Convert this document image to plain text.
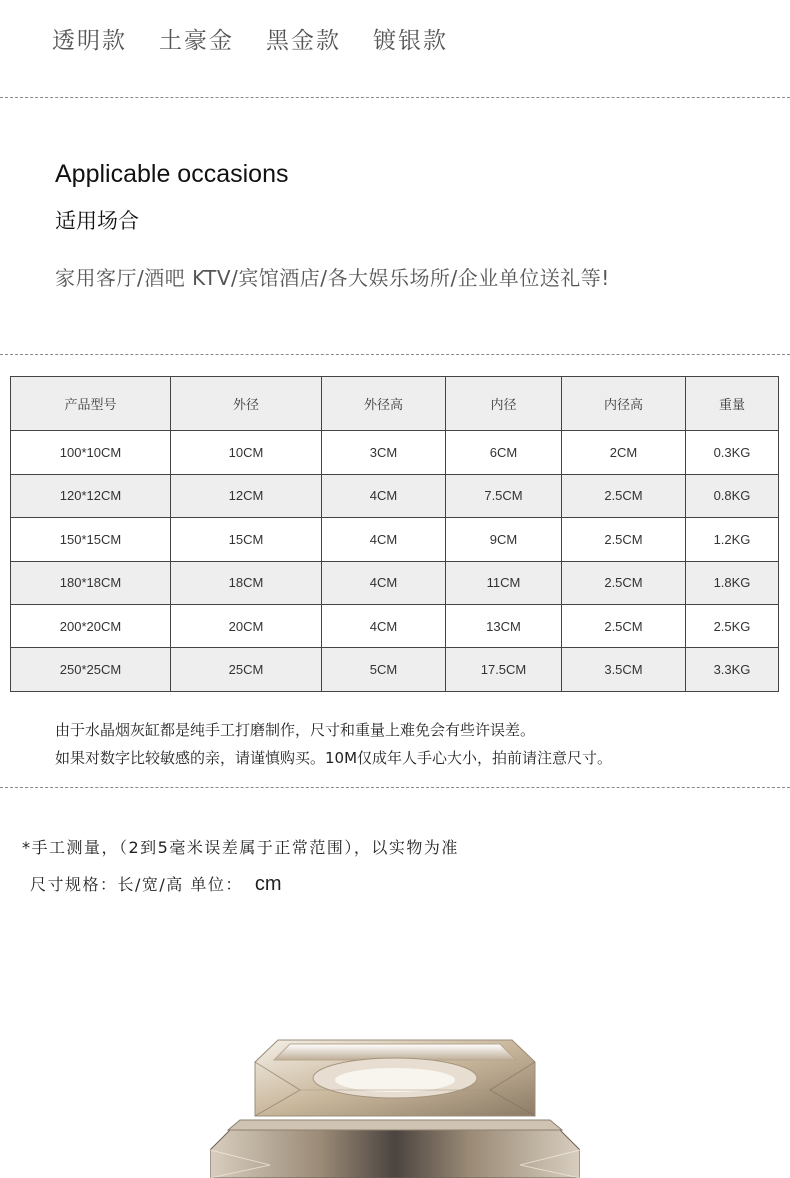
透明款 土豪金 黑金款 镀银款
Applicable occasions
适用场合
家用客厅/酒吧 KTV/宾馆酒店/各大娱乐场所/企业单位送礼等!
产品型号	外径	外径高	内径	内径高	重量
100*10CM	10CM	3CM	6CM	2CM	0.3KG
120*12CM	12CM	4CM	7.5CM	2.5CM	0.8KG
150*15CM	15CM	4CM	9CM	2.5CM	1.2KG
180*18CM	18CM	4CM	11CM	2.5CM	1.8KG
200*20CM	20CM	4CM	13CM	2.5CM	2.5KG
250*25CM	25CM	5CM	17.5CM	3.5CM	3.3KG
由于水晶烟灰缸都是纯手工打磨制作，尺寸和重量上难免会有些许误差。
如果对数字比较敏感的亲，请谨慎购买。10M仅成年人手心大小，拍前请注意尺寸。
*手工测量，（2到5毫米误差属于正常范围），以实物为准
尺寸规格：长/宽/高 单位： cm
